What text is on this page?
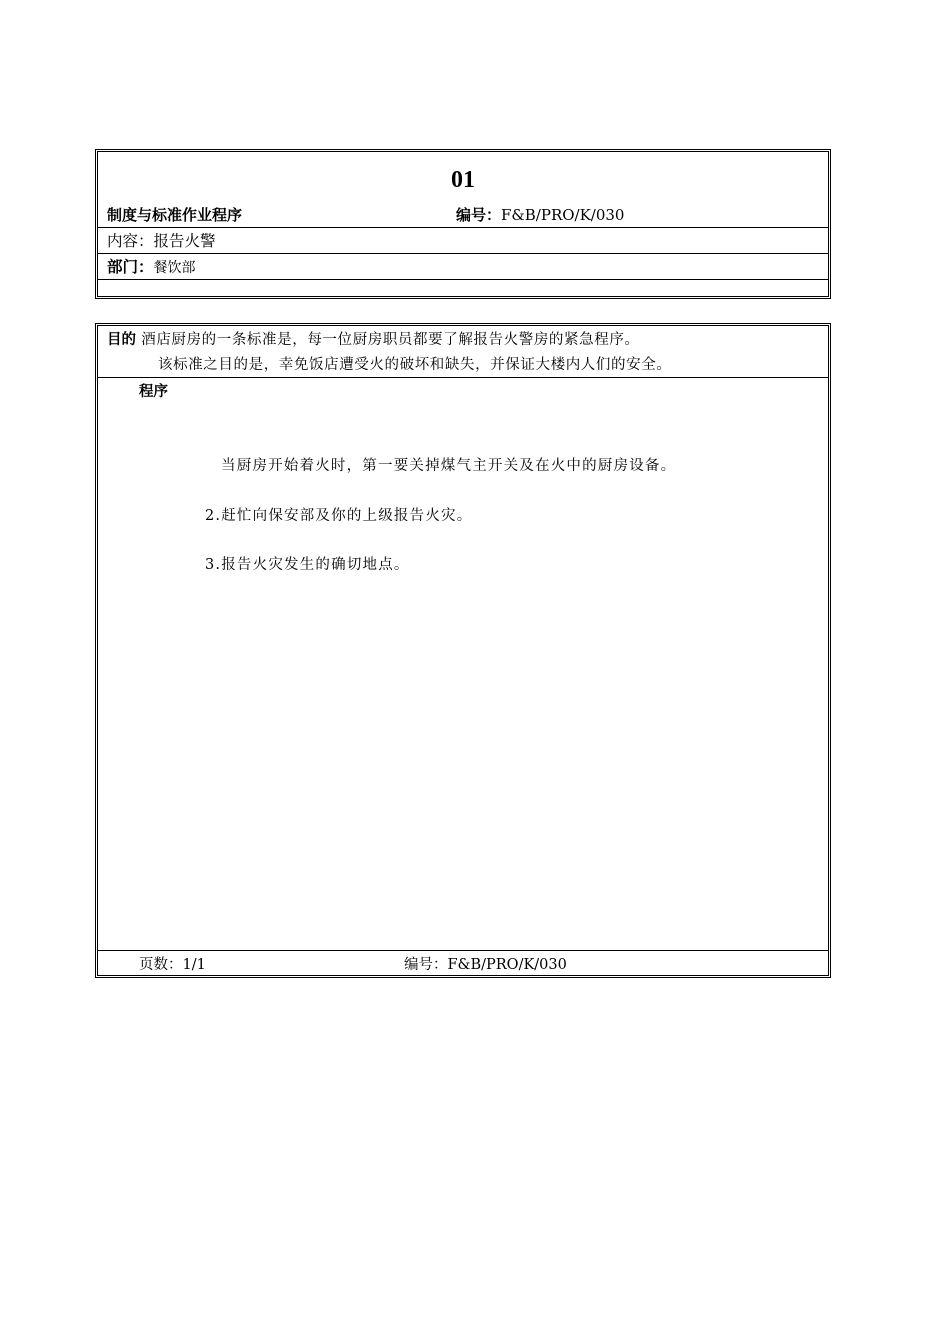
01
制度与标准作业程序	编号：F&B/PRO/K/030
内容：报告火警
部门：餐饮部
目的 酒店厨房的一条标准是，每一位厨房职员都要了解报告火警房的紧急程序。
该标准之目的是，幸免饭店遭受火的破坏和缺失，并保证大楼内人们的安全。
程序
当厨房开始着火时，第一要关掉煤气主开关及在火中的厨房设备。
2.赶忙向保安部及你的上级报告火灾。
3.报告火灾发生的确切地点。
页数：1/1	编号：F&B/PRO/K/030
